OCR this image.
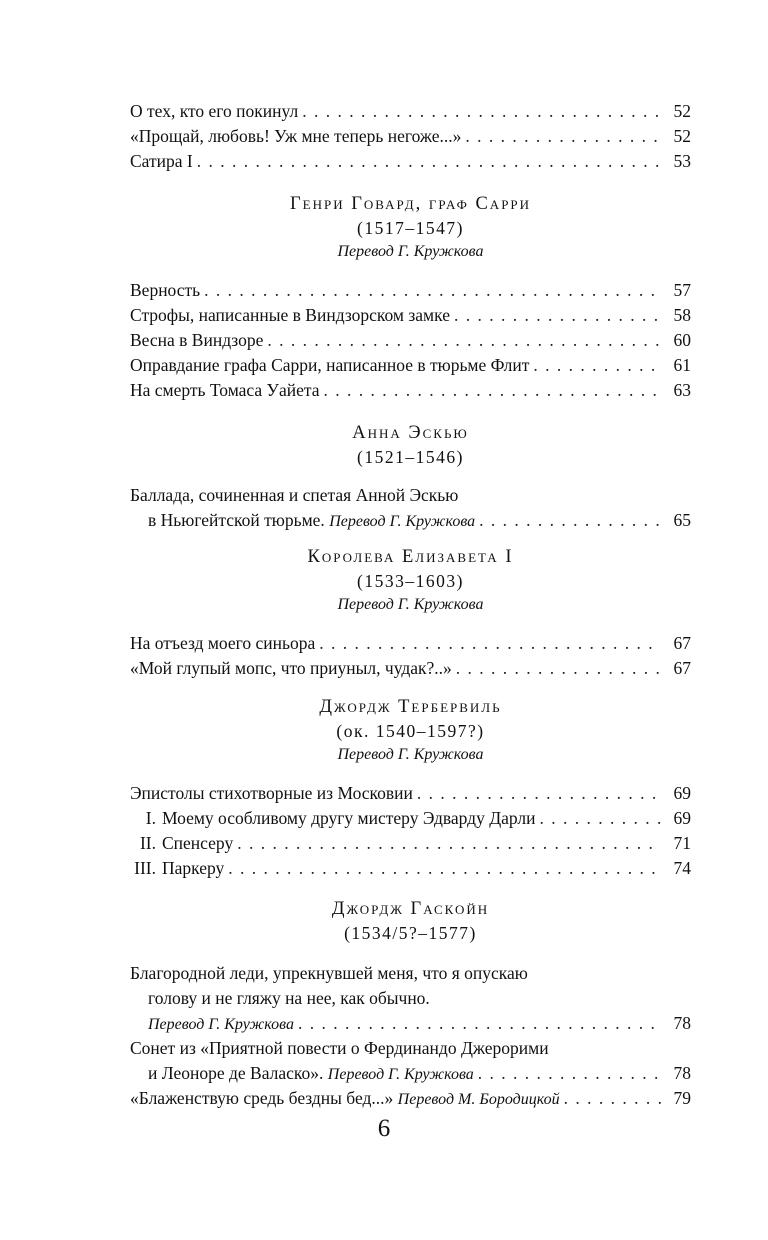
О тех, кто его покинул . . .	52
«Прощай, любовь! Уж мне теперь негоже...» . . .	52
Сатира I . . .	53
Генри Говард, граф Сарри
(1517–1547)
Перевод Г. Кружкова
Верность . . .	57
Строфы, написанные в Виндзорском замке . . .	58
Весна в Виндзоре . . .	60
Оправдание графа Сарри, написанное в тюрьме Флит . . .	61
На смерть Томаса Уайета . . .	63
Анна Эскью
(1521–1546)
Баллада, сочиненная и спетая Анной Эскью
в Ньюгейтской тюрьме. Перевод Г. Кружкова . . .	65
Королева Елизавета I
(1533–1603)
Перевод Г. Кружкова
На отъезд моего синьора . . .	67
«Мой глупый мопс, что приуныл, чудак?..» . . .	67
Джордж Тербервиль
(ок. 1540–1597?)
Перевод Г. Кружкова
Эпистолы стихотворные из Московии . . .	69
I. Моему особливому другу мистеру Эдварду Дарли . . .	69
II. Спенсеру . . .	71
III. Паркеру . . .	74
Джордж Гаскойн
(1534/5?–1577)
Благородной леди, упрекнувшей меня, что я опускаю
голову и не гляжу на нее, как обычно.
Перевод Г. Кружкова . . .	78
Сонет из «Приятной повести о Фердинандо Джерорими
и Леоноре де Валаско». Перевод Г. Кружкова . . .	78
«Блаженствую средь бездны бед...» Перевод М. Бородицкой . . .	79
6
